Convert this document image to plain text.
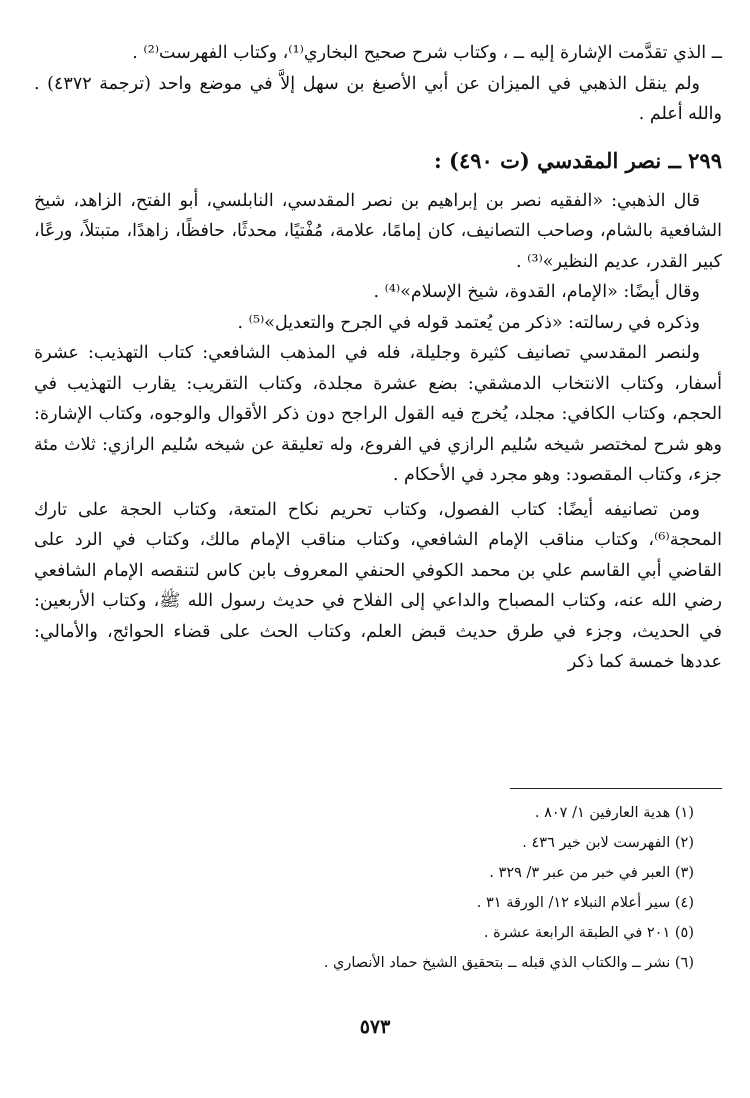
ــ الذي تقدَّمت الإشارة إليه ــ ، وكتاب شرح صحيح البخاري⁽¹⁾، وكتاب الفهرست⁽²⁾ .

ولم ينقل الذهبي في الميزان عن أبي الأصبغ بن سهل إلاَّ في موضع واحد (ترجمة ٤٣٧٢) . والله أعلم .

٢٩٩ ــ نصر المقدسي (ت ٤٩٠) :

قال الذهبي: «الفقيه نصر بن إبراهيم بن نصر المقدسي، النابلسي، أبو الفتح، الزاهد، شيخ الشافعية بالشام، وصاحب التصانيف، كان إمامًا، علامة، مُفْتيًا، محدثًا، حافظًا، زاهدًا، متبتلاً، ورعًا، كبير القدر، عديم النظير»⁽³⁾ .

وقال أيضًا: «الإمام، القدوة، شيخ الإسلام»⁽⁴⁾ .

وذكره في رسالته: «ذكر من يُعتمد قوله في الجرح والتعديل»⁽⁵⁾ .

ولنصر المقدسي تصانيف كثيرة وجليلة، فله في المذهب الشافعي: كتاب التهذيب: عشرة أسفار، وكتاب الانتخاب الدمشقي: بضع عشرة مجلدة، وكتاب التقريب: يقارب التهذيب في الحجم، وكتاب الكافي: مجلد، يُخرج فيه القول الراجح دون ذكر الأقوال والوجوه، وكتاب الإشارة: وهو شرح لمختصر شيخه سُليم الرازي في الفروع، وله تعليقة عن شيخه سُليم الرازي: ثلاث مئة جزء، وكتاب المقصود: وهو مجرد في الأحكام .

ومن تصانيفه أيضًا: كتاب الفصول، وكتاب تحريم نكاح المتعة، وكتاب الحجة على تارك المحجة⁽⁶⁾، وكتاب مناقب الإمام الشافعي، وكتاب مناقب الإمام مالك، وكتاب في الرد على القاضي أبي القاسم علي بن محمد الكوفي الحنفي المعروف بابن كاس لتنقصه الإمام الشافعي رضي الله عنه، وكتاب المصباح والداعي إلى الفلاح في حديث رسول الله ﷺ، وكتاب الأربعين: في الحديث، وجزء في طرق حديث قبض العلم، وكتاب الحث على قضاء الحوائج، والأمالي: عددها خمسة كما ذكر

(١) هدية العارفين ١/ ٨٠٧ .

(٢) الفهرست لابن خير ٤٣٦ .

(٣) العبر في خبر من عبر ٣/ ٣٢٩ .

(٤) سير أعلام النبلاء ١٢/ الورقة ٣١ .

(٥) ٢٠١ في الطبقة الرابعة عشرة .

(٦) نشر ــ والكتاب الذي قبله ــ بتحقيق الشيخ حماد الأنصاري .

٥٧٣
